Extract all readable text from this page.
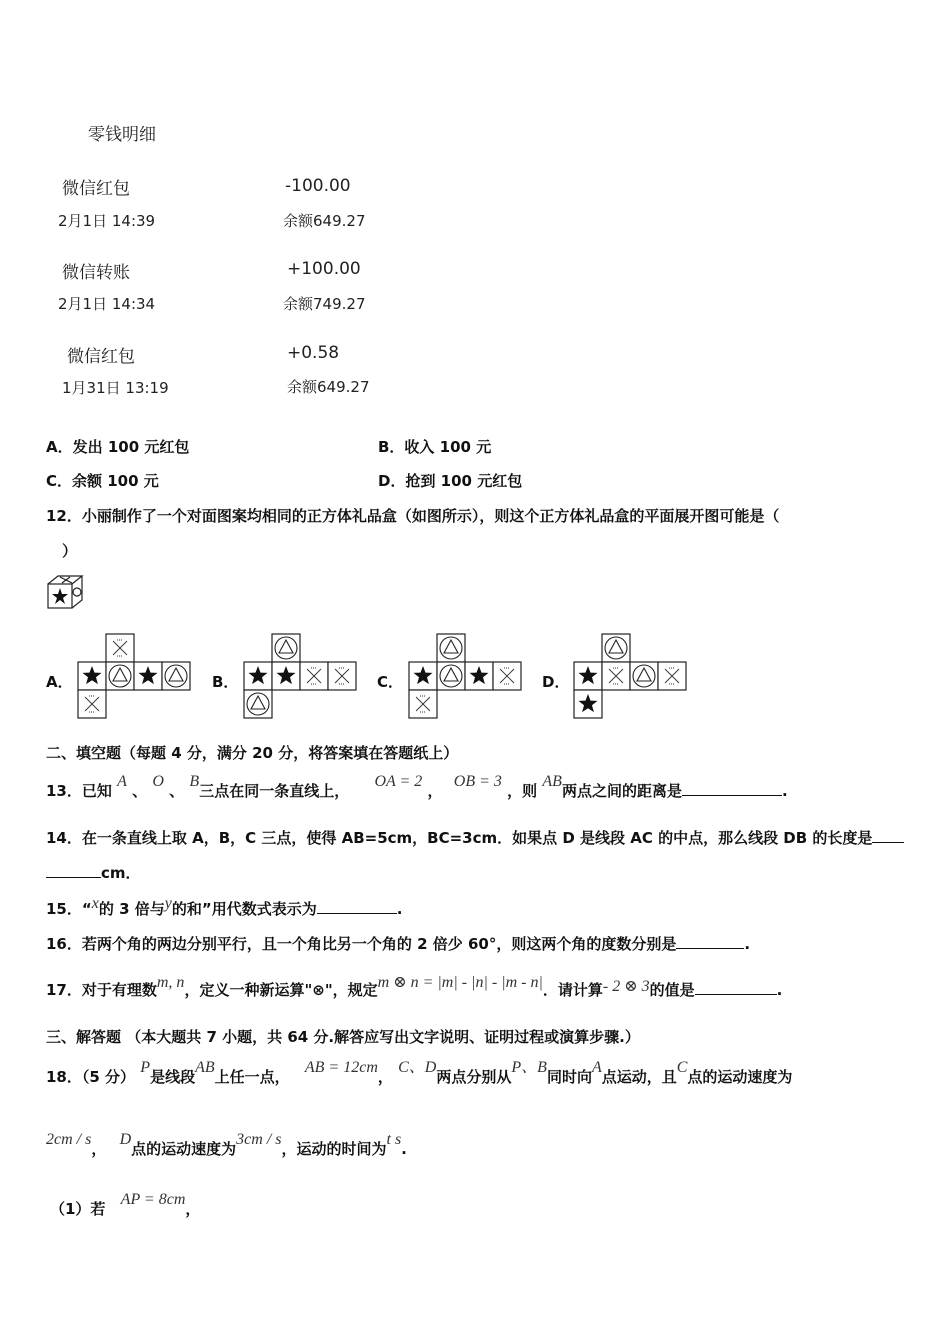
零钱明细
微信红包	-100.00
2月1日 14:39	余额649.27
微信转账	+100.00
2月1日 14:34	余额749.27
微信红包	+0.58
1月31日 13:19	余额649.27
A．发出 100 元红包	B．收入 100 元
C．余额 100 元	D．抢到 100 元红包
12．小丽制作了一个对面图案均相同的正方体礼品盒（如图所示），则这个正方体礼品盒的平面展开图可能是（
）
A．	B．	C．	D．
二、填空题（每题 4 分，满分 20 分，将答案填在答题纸上）
13．已知 A 、 O 、 B三点在同一条直线上， OA = 2 ， OB = 3 ，则 AB两点之间的距离是	.
14．在一条直线上取 A，B，C 三点，使得 AB=5cm，BC=3cm．如果点 D 是线段 AC 的中点，那么线段 DB 的长度是
cm．
15．“x的 3 倍与y的和”用代数式表示为	.
16．若两个角的两边分别平行，且一个角比另一个角的 2 倍少 60°，则这两个角的度数分别是	.
17．对于有理数m, n，定义一种新运算"⊗"，规定m ⊗ n = |m| - |n| - |m - n|．请计算- 2 ⊗ 3的值是	.
三、解答题 （本大题共 7 小题，共 64 分.解答应写出文字说明、证明过程或演算步骤.）
18．（5 分） P是线段AB上任一点， AB = 12cm， C、D两点分别从P、B同时向A点运动，且C点的运动速度为
2cm / s， D点的运动速度为3cm / s，运动的时间为t s.
（1）若 AP = 8cm，
